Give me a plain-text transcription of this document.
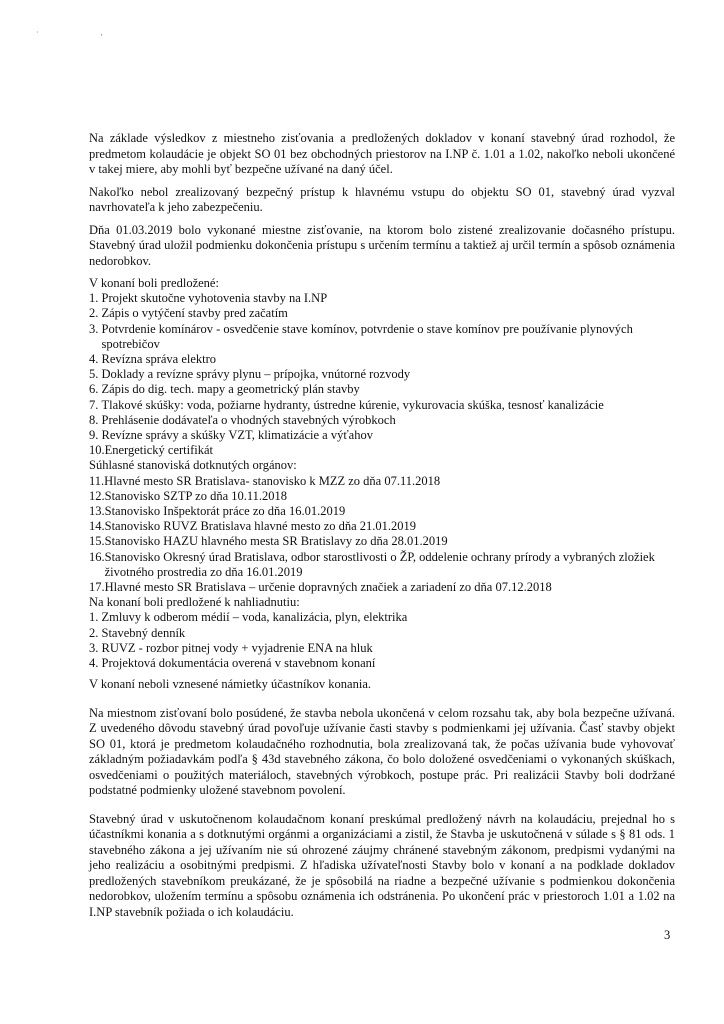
· ,

Na základe výsledkov z miestneho zisťovania a predložených dokladov v konaní stavebný úrad rozhodol, že predmetom kolaudácie je objekt SO 01 bez obchodných priestorov na I.NP č. 1.01 a 1.02, nakoľko neboli ukončené v takej miere, aby mohli byť bezpečne užívané na daný účel.

Nakoľko nebol zrealizovaný bezpečný prístup k hlavnému vstupu do objektu SO 01, stavebný úrad vyzval navrhovateľa k jeho zabezpečeniu.

Dňa 01.03.2019 bolo vykonané miestne zisťovanie, na ktorom bolo zistené zrealizovanie dočasného prístupu. Stavebný úrad uložil podmienku dokončenia prístupu s určením termínu a taktiež aj určil termín a spôsob oznámenia nedorobkov.

V konaní boli predložené:
1. Projekt skutočne vyhotovenia stavby na I.NP
2. Zápis o vytýčení stavby pred začatím
3. Potvrdenie komínárov - osvedčenie stave komínov, potvrdenie o stave komínov pre používanie plynových spotrebičov
4. Revízna správa elektro
5. Doklady a revízne správy plynu – prípojka, vnútorné rozvody
6. Zápis do dig. tech. mapy a geometrický plán stavby
7. Tlakové skúšky: voda, požiarne hydranty, ústredne kúrenie, vykurovacia skúška, tesnosť kanalizácie
8. Prehlásenie dodávateľa o vhodných stavebných výrobkoch
9. Revízne správy a skúšky VZT, klimatizácie a výťahov
10. Energetický certifikát
Súhlasné stanoviská dotknutých orgánov:
11. Hlavné mesto SR Bratislava- stanovisko k MZZ zo dňa 07.11.2018
12. Stanovisko SZTP zo dňa 10.11.2018
13. Stanovisko Inšpektorát práce zo dňa 16.01.2019
14. Stanovisko RUVZ Bratislava hlavné mesto zo dňa 21.01.2019
15. Stanovisko HAZU hlavného mesta SR Bratislavy zo dňa 28.01.2019
16. Stanovisko Okresný úrad Bratislava, odbor starostlivosti o ŽP, oddelenie ochrany prírody a vybraných zložiek životného prostredia zo dňa 16.01.2019
17. Hlavné mesto SR Bratislava – určenie dopravných značiek a zariadení zo dňa 07.12.2018
Na konaní boli predložené k nahliadnutiu:
1. Zmluvy k odberom médií – voda, kanalizácia, plyn, elektrika
2. Stavebný denník
3. RUVZ - rozbor pitnej vody + vyjadrenie ENA na hluk
4. Projektová dokumentácia overená v stavebnom konaní

V konaní neboli vznesené námietky účastníkov konania.

Na miestnom zisťovaní bolo posúdené, že stavba nebola ukončená v celom rozsahu tak, aby bola bezpečne užívaná. Z uvedeného dôvodu stavebný úrad povoľuje užívanie časti stavby s podmienkami jej užívania. Časť stavby objekt SO 01, ktorá je predmetom kolaudačného rozhodnutia, bola zrealizovaná tak, že počas užívania bude vyhovovať základným požiadavkám podľa § 43d stavebného zákona, čo bolo doložené osvedčeniami o vykonaných skúškach, osvedčeniami o použitých materiáloch, stavebných výrobkoch, postupe prác. Pri realizácii Stavby boli dodržané podstatné podmienky uložené stavebnom povolení.

Stavebný úrad v uskutočnenom kolaudačnom konaní preskúmal predložený návrh na kolaudáciu, prejednal ho s účastníkmi konania a s dotknutými orgánmi a organizáciami a zistil, že Stavba je uskutočnená v súlade s § 81 ods. 1 stavebného zákona a jej užívaním nie sú ohrozené záujmy chránené stavebným zákonom, predpismi vydanými na jeho realizáciu a osobitnými predpismi. Z hľadiska užívateľnosti Stavby bolo v konaní a na podklade dokladov predložených stavebníkom preukázané, že je spôsobilá na riadne a bezpečné užívanie s podmienkou dokončenia nedorobkov, uložením termínu a spôsobu oznámenia ich odstránenia. Po ukončení prác v priestoroch 1.01 a 1.02 na I.NP stavebník požiada o ich kolaudáciu.

3
